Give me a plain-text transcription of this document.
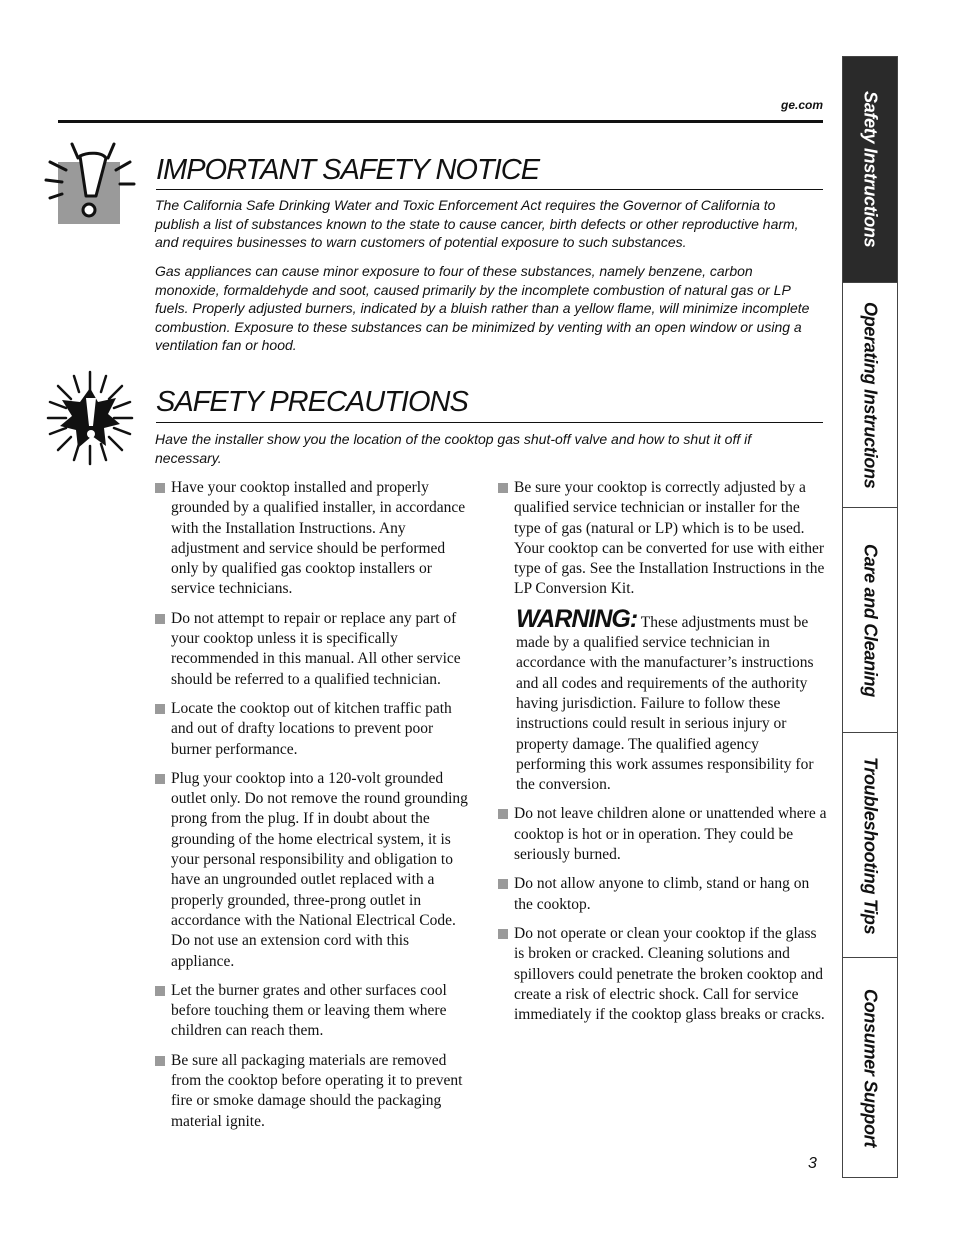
ge.com
IMPORTANT SAFETY NOTICE

The California Safe Drinking Water and Toxic Enforcement Act requires the Governor of California to publish a list of substances known to the state to cause cancer, birth defects or other reproductive harm, and requires businesses to warn customers of potential exposure to such substances.

Gas appliances can cause minor exposure to four of these substances, namely benzene, carbon monoxide, formaldehyde and soot, caused primarily by the incomplete combustion of natural gas or LP fuels. Properly adjusted burners, indicated by a bluish rather than a yellow flame, will minimize incomplete combustion. Exposure to these substances can be minimized by venting with an open window or using a ventilation fan or hood.

SAFETY PRECAUTIONS

Have the installer show you the location of the cooktop gas shut-off valve and how to shut it off if necessary.

Have your cooktop installed and properly grounded by a qualified installer, in accordance with the Installation Instructions. Any adjustment and service should be performed only by qualified gas cooktop installers or service technicians.
Do not attempt to repair or replace any part of your cooktop unless it is specifically recommended in this manual. All other service should be referred to a qualified technician.
Locate the cooktop out of kitchen traffic path and out of drafty locations to prevent poor burner performance.
Plug your cooktop into a 120-volt grounded outlet only. Do not remove the round grounding prong from the plug. If in doubt about the grounding of the home electrical system, it is your personal responsibility and obligation to have an ungrounded outlet replaced with a properly grounded, three-prong outlet in accordance with the National Electrical Code. Do not use an extension cord with this appliance.
Let the burner grates and other surfaces cool before touching them or leaving them where children can reach them.
Be sure all packaging materials are removed from the cooktop before operating it to prevent fire or smoke damage should the packaging material ignite.
Be sure your cooktop is correctly adjusted by a qualified service technician or installer for the type of gas (natural or LP) which is to be used. Your cooktop can be converted for use with either type of gas. See the Installation Instructions in the LP Conversion Kit.

WARNING: These adjustments must be made by a qualified service technician in accordance with the manufacturer’s instructions and all codes and requirements of the authority having jurisdiction. Failure to follow these instructions could result in serious injury or property damage. The qualified agency performing this work assumes responsibility for the conversion.

Do not leave children alone or unattended where a cooktop is hot or in operation. They could be seriously burned.
Do not allow anyone to climb, stand or hang on the cooktop.
Do not operate or clean your cooktop if the glass is broken or cracked. Cleaning solutions and spillovers could penetrate the broken cooktop and create a risk of electric shock. Call for service immediately if the cooktop glass breaks or cracks.
3
Safety Instructions
Operating Instructions
Care and Cleaning
Troubleshooting Tips
Consumer Support
